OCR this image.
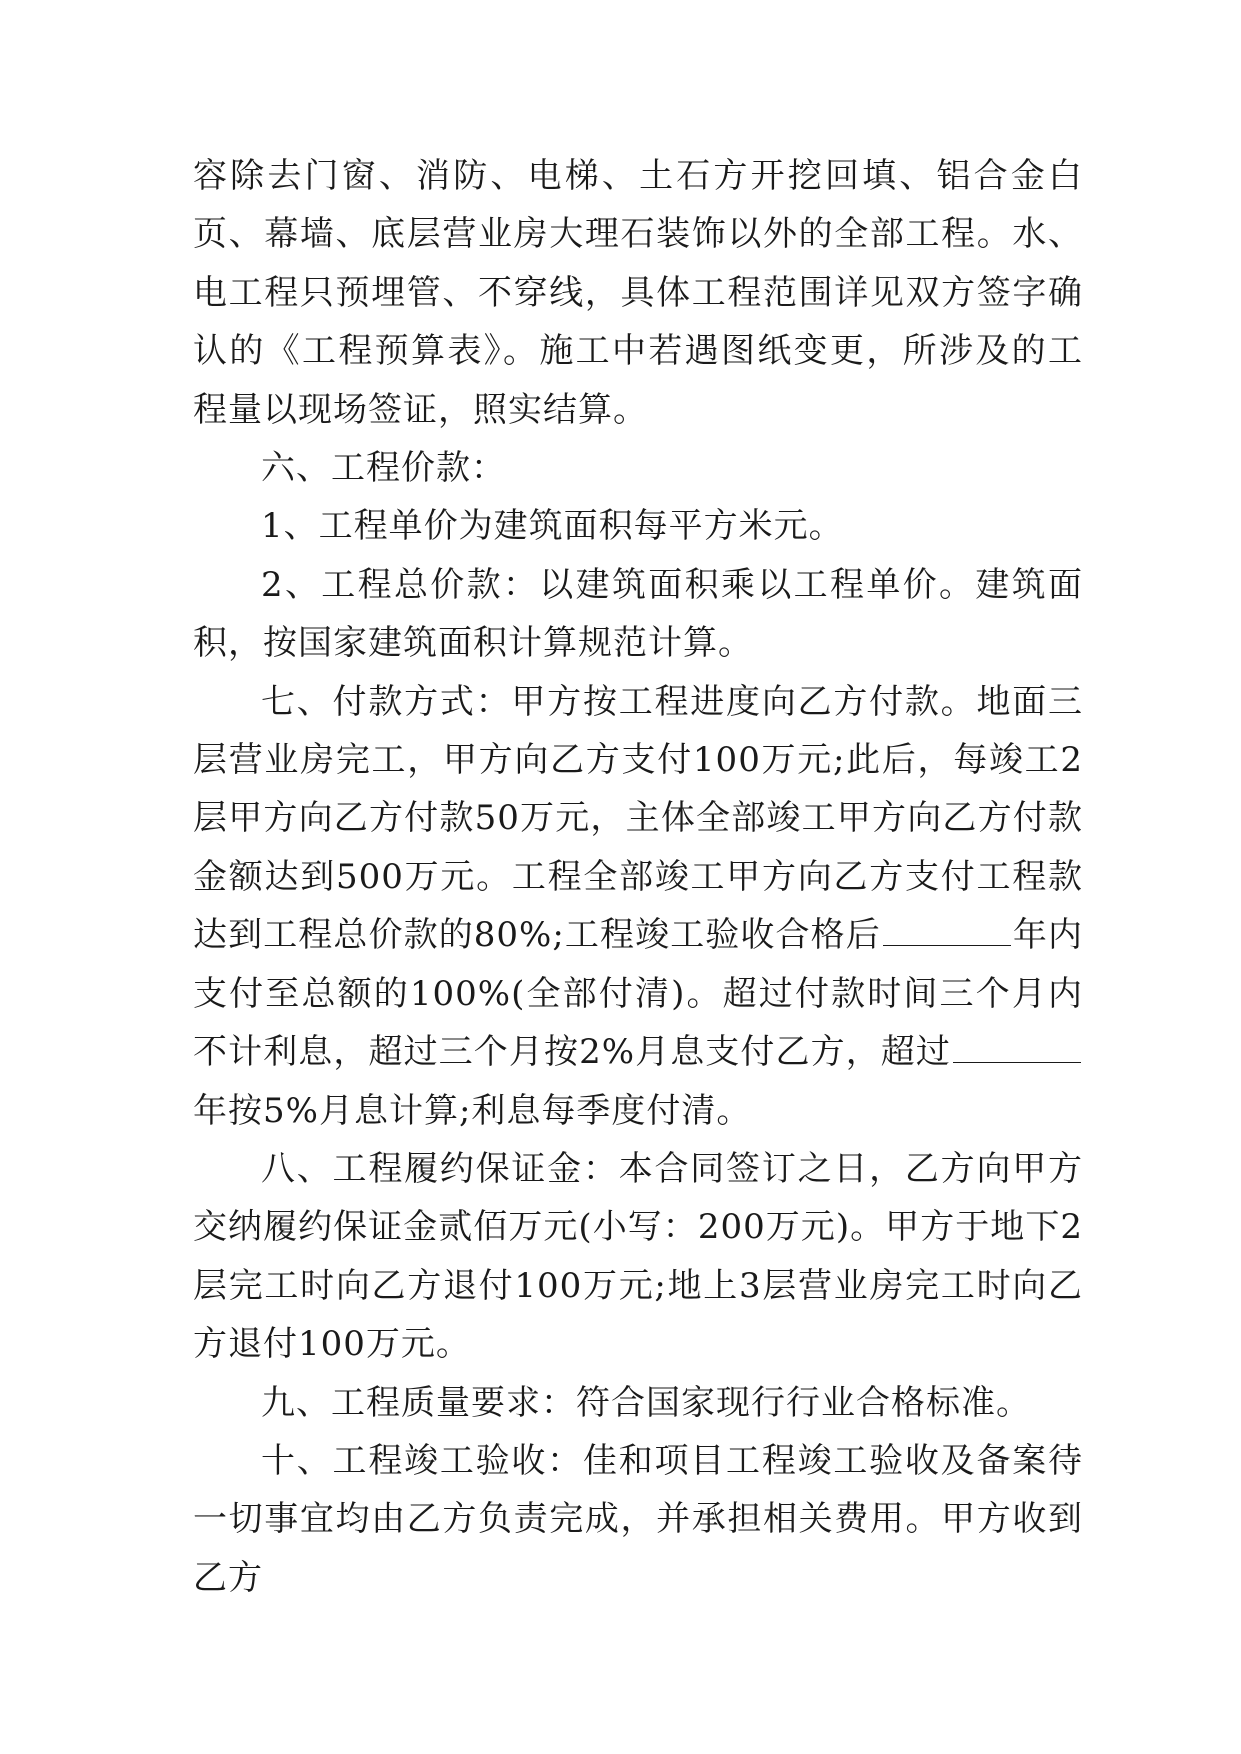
容除去门窗、消防、电梯、土石方开挖回填、铝合金白页、幕墙、底层营业房大理石装饰以外的全部工程。水、电工程只预埋管、不穿线，具体工程范围详见双方签字确认的《工程预算表》。施工中若遇图纸变更，所涉及的工程量以现场签证，照实结算。

六、工程价款：

1、工程单价为建筑面积每平方米元。

2、工程总价款：以建筑面积乘以工程单价。建筑面积，按国家建筑面积计算规范计算。

七、付款方式：甲方按工程进度向乙方付款。地面三层营业房完工，甲方向乙方支付100万元;此后，每竣工2层甲方向乙方付款50万元，主体全部竣工甲方向乙方付款金额达到500万元。工程全部竣工甲方向乙方支付工程款达到工程总价款的80%;工程竣工验收合格后	年内支付至总额的100%(全部付清)。超过付款时间三个月内不计利息，超过三个月按2%月息支付乙方，超过年按5%月息计算;利息每季度付清。

八、工程履约保证金：本合同签订之日，乙方向甲方交纳履约保证金贰佰万元(小写：200万元)。甲方于地下2层完工时向乙方退付100万元;地上3层营业房完工时向乙方退付100万元。

九、工程质量要求：符合国家现行行业合格标准。

十、工程竣工验收：佳和项目工程竣工验收及备案待一切事宜均由乙方负责完成，并承担相关费用。甲方收到乙方
